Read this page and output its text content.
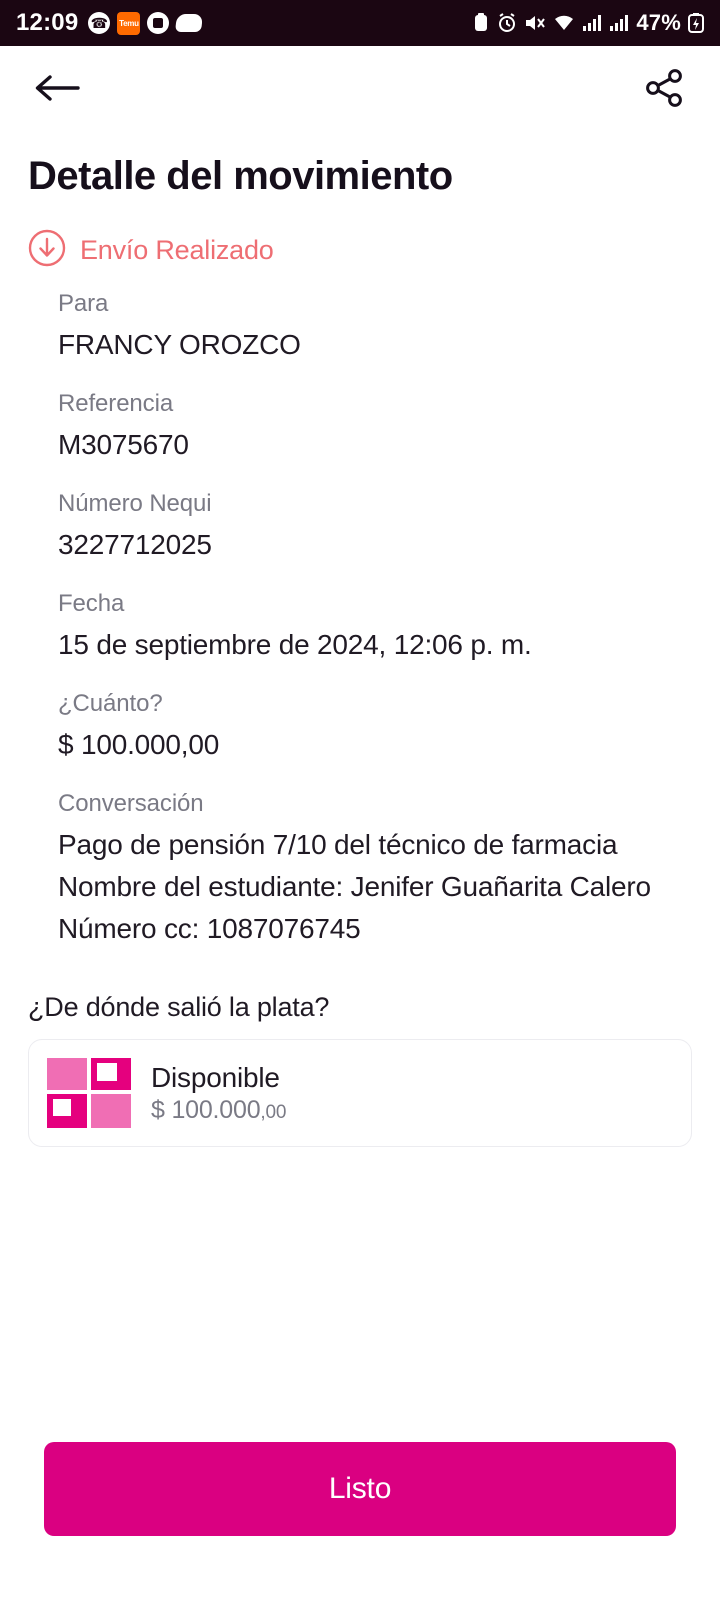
12:09 ☎ Temu	47%
Detalle del movimiento
Envío Realizado
Para
FRANCY OROZCO
Referencia
M3075670
Número Nequi
3227712025
Fecha
15 de septiembre de 2024, 12:06 p. m.
¿Cuánto?
$ 100.000,00
Conversación
Pago de pensión 7/10 del técnico de farmacia Nombre del estudiante: Jenifer Guañarita Calero Número cc: 1087076745
¿De dónde salió la plata?
Disponible
$ 100.000,00
Listo
